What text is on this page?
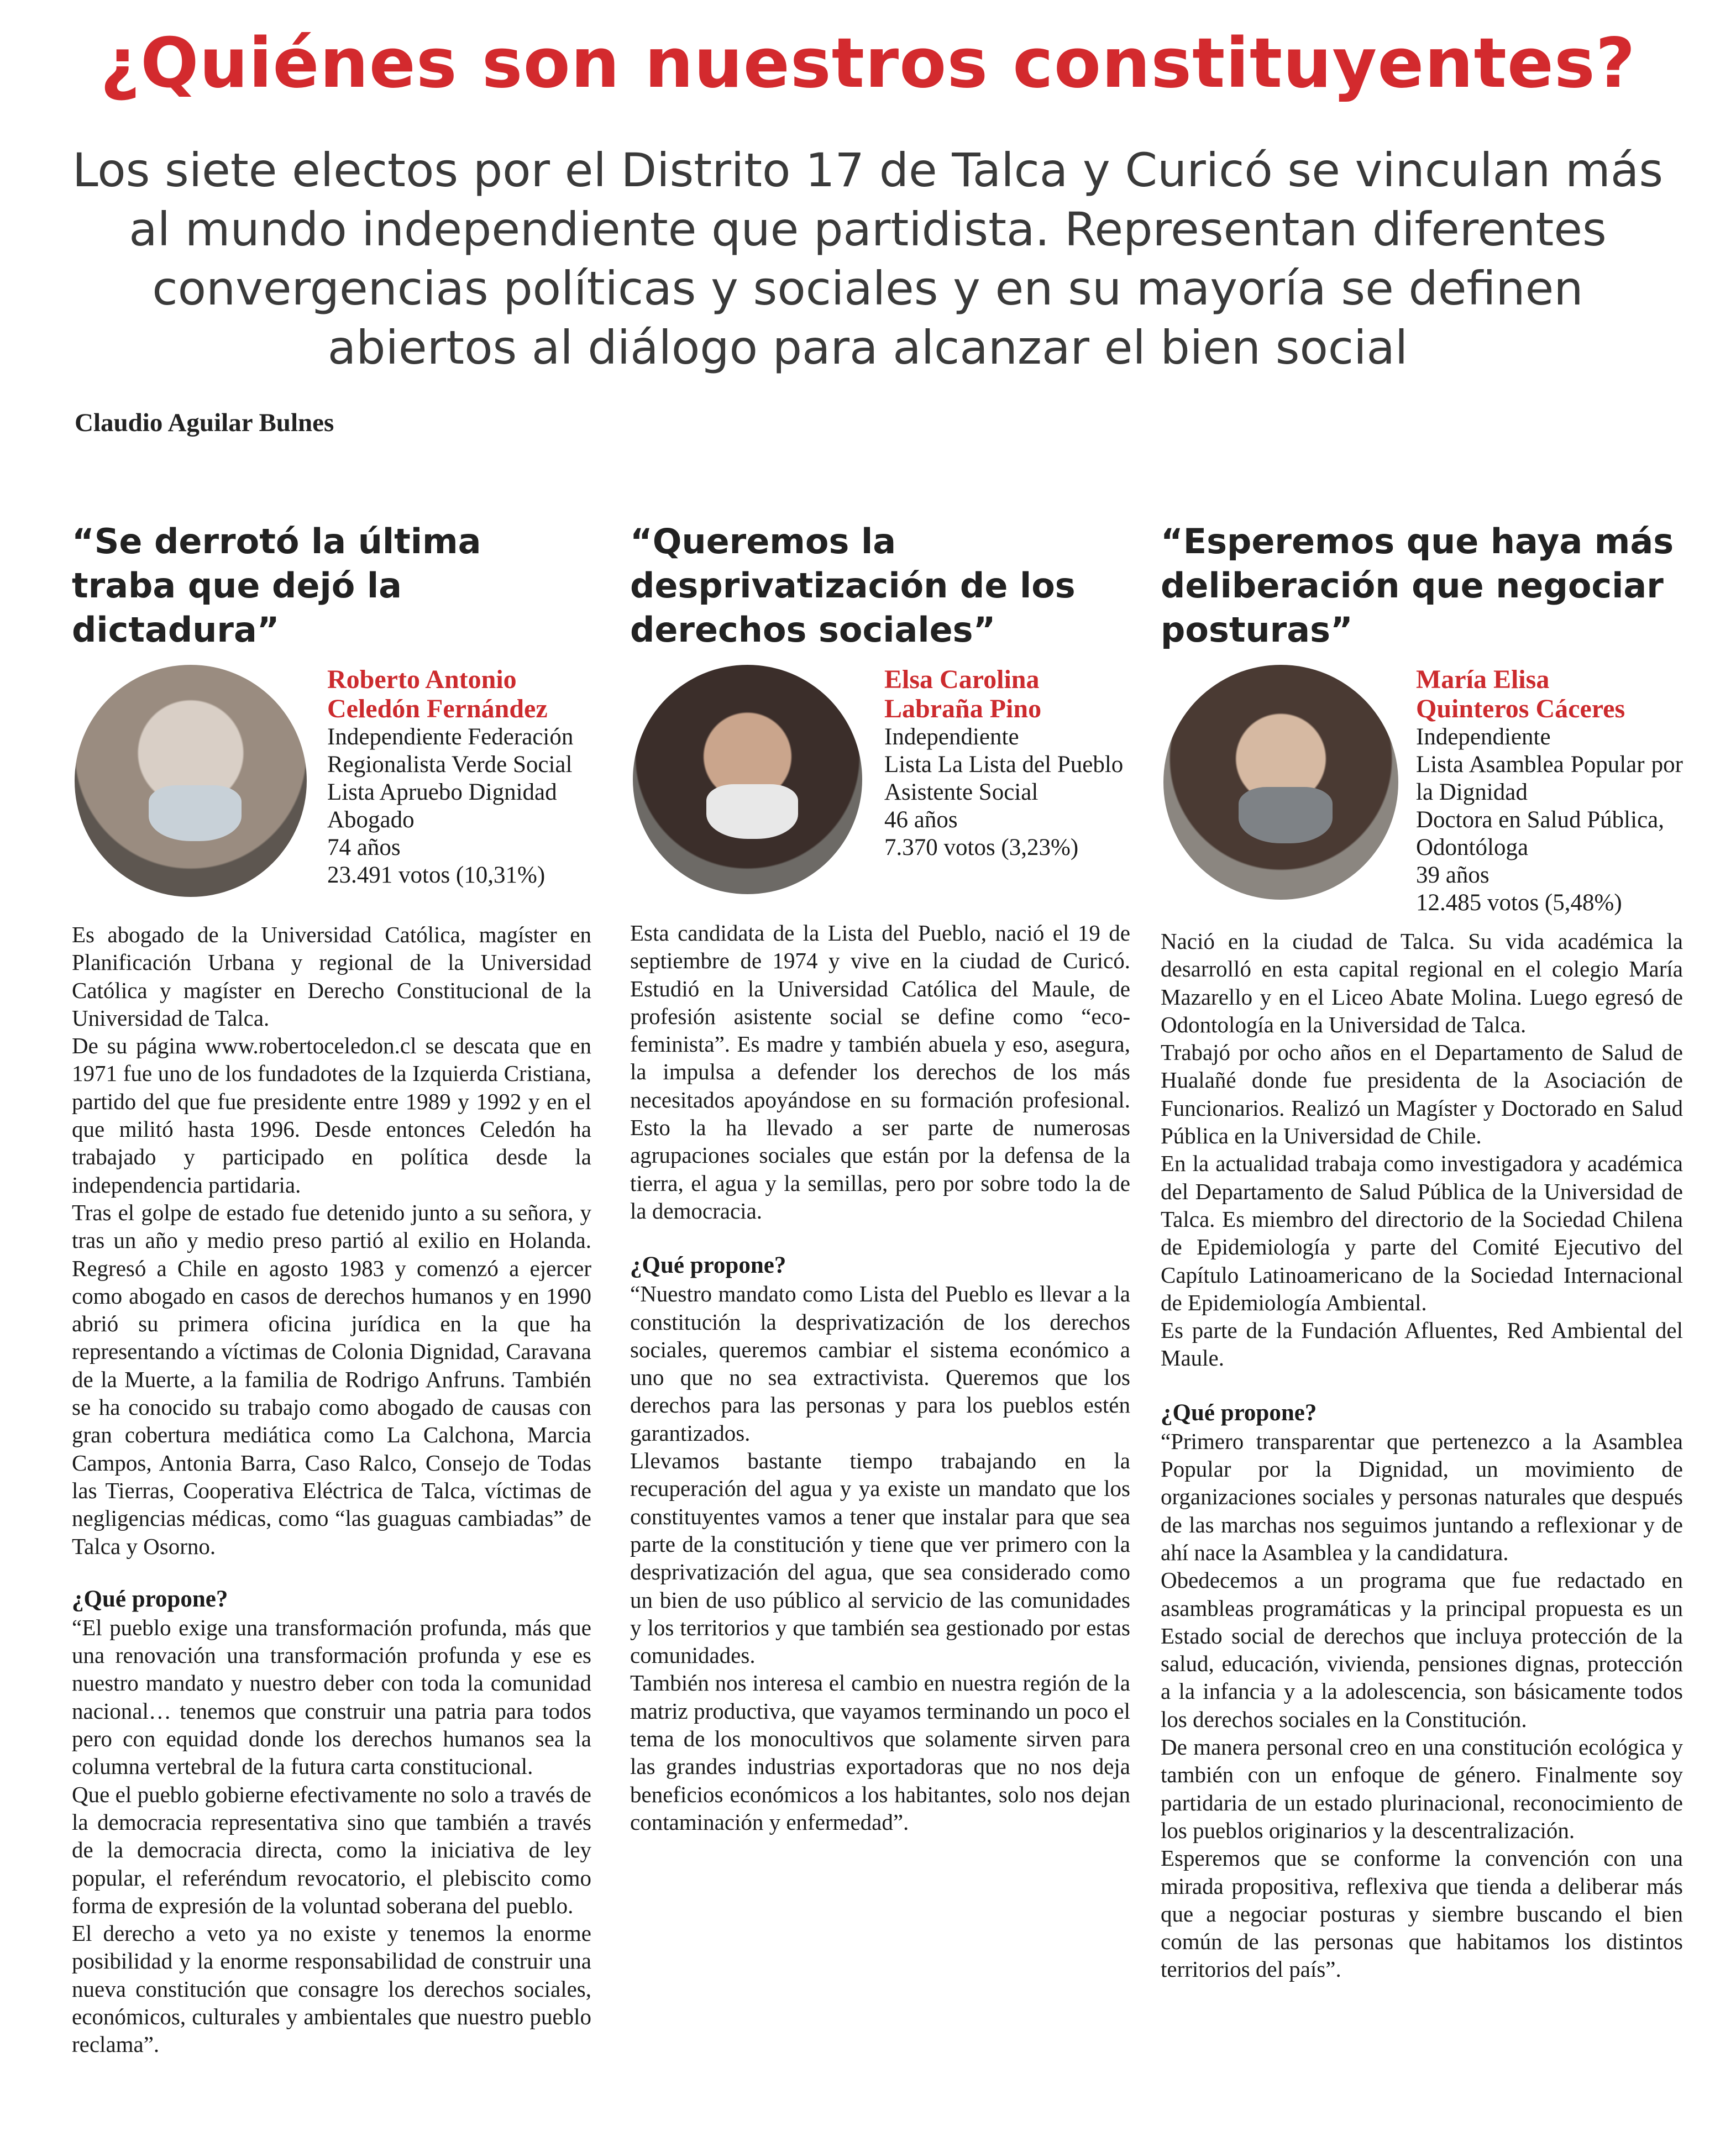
¿Quiénes son nuestros constituyentes?
Los siete electos por el Distrito 17 de Talca y Curicó se vinculan más al mundo independiente que partidista. Representan diferentes convergencias políticas y sociales y en su mayoría se definen abiertos al diálogo para alcanzar el bien social
Claudio Aguilar Bulnes
“Se derrotó la última traba que dejó la dictadura”
Roberto Antonio
Celedón Fernández
Independiente Federación
Regionalista Verde Social
Lista Apruebo Dignidad
Abogado
74 años
23.491 votos (10,31%)

Es abogado de la Universidad Católica, magíster en Planificación Urbana y regional de la Universidad Católica y magíster en Derecho Constitucional de la Universidad de Talca.

De su página www.robertoceledon.cl se descata que en 1971 fue uno de los fundadotes de la Izquierda Cristiana, partido del que fue presidente entre 1989 y 1992 y en el que militó hasta 1996. Desde entonces Celedón ha trabajado y participado en política desde la independencia partidaria.

Tras el golpe de estado fue detenido junto a su señora, y tras un año y medio preso partió al exilio en Holanda. Regresó a Chile en agosto 1983 y comenzó a ejercer como abogado en casos de derechos humanos y en 1990 abrió su primera oficina jurídica en la que ha representando a víctimas de Colonia Dignidad, Caravana de la Muerte, a la familia de Rodrigo Anfruns. También se ha conocido su trabajo como abogado de causas con gran cobertura mediática como La Calchona, Marcia Campos, Antonia Barra, Caso Ralco, Consejo de Todas las Tierras, Cooperativa Eléctrica de Talca, víctimas de negligencias médicas, como “las guaguas cambiadas” de Talca y Osorno.

¿Qué propone?

“El pueblo exige una transformación profunda, más que una renovación una transformación profunda y ese es nuestro mandato y nuestro deber con toda la comunidad nacional… tenemos que construir una patria para todos pero con equidad donde los derechos humanos sea la columna vertebral de la futura carta constitucional.

Que el pueblo gobierne efectivamente no solo a través de la democracia representativa sino que también a través de la democracia directa, como la iniciativa de ley popular, el referéndum revocatorio, el plebiscito como forma de expresión de la voluntad soberana del pueblo.

El derecho a veto ya no existe y tenemos la enorme posibilidad y la enorme responsabilidad de construir una nueva constitución que consagre los derechos sociales, económicos, culturales y ambientales que nuestro pueblo reclama”.

“Queremos la desprivatización de los derechos sociales”
Elsa Carolina
Labraña Pino
Independiente
Lista La Lista del Pueblo
Asistente Social
46 años
7.370 votos (3,23%)

Esta candidata de la Lista del Pueblo, nació el 19 de septiembre de 1974 y vive en la ciudad de Curicó. Estudió en la Universidad Católica del Maule, de profesión asistente social se define como “eco-feminista”. Es madre y también abuela y eso, asegura, la impulsa a defender los derechos de los más necesitados apoyándose en su formación profesional. Esto la ha llevado a ser parte de numerosas agrupaciones sociales que están por la defensa de la tierra, el agua y la semillas, pero por sobre todo la de la democracia.

¿Qué propone?

“Nuestro mandato como Lista del Pueblo es llevar a la constitución la desprivatización de los derechos sociales, queremos cambiar el sistema económico a uno que no sea extractivista. Queremos que los derechos para las personas y para los pueblos estén garantizados.

Llevamos bastante tiempo trabajando en la recuperación del agua y ya existe un mandato que los constituyentes vamos a tener que instalar para que sea parte de la constitución y tiene que ver primero con la desprivatización del agua, que sea considerado como un bien de uso público al servicio de las comunidades y los territorios y que también sea gestionado por estas comunidades.

También nos interesa el cambio en nuestra región de la matriz productiva, que vayamos terminando un poco el tema de los monocultivos que solamente sirven para las grandes industrias exportadoras que no nos deja beneficios económicos a los habitantes, solo nos dejan contaminación y enfermedad”.

“Esperemos que haya más deliberación que negociar posturas”
María Elisa
Quinteros Cáceres
Independiente
Lista Asamblea Popular por la Dignidad
Doctora en Salud Pública, Odontóloga
39 años
12.485 votos (5,48%)

Nació en la ciudad de Talca. Su vida académica la desarrolló en esta capital regional en el colegio María Mazarello y en el Liceo Abate Molina. Luego egresó de Odontología en la Universidad de Talca.

Trabajó por ocho años en el Departamento de Salud de Hualañé donde fue presidenta de la Asociación de Funcionarios. Realizó un Magíster y Doctorado en Salud Pública en la Universidad de Chile.

En la actualidad trabaja como investigadora y académica del Departamento de Salud Pública de la Universidad de Talca. Es miembro del directorio de la Sociedad Chilena de Epidemiología y parte del Comité Ejecutivo del Capítulo Latinoamericano de la Sociedad Internacional de Epidemiología Ambiental.

Es parte de la Fundación Afluentes, Red Ambiental del Maule.

¿Qué propone?

“Primero transparentar que pertenezco a la Asamblea Popular por la Dignidad, un movimiento de organizaciones sociales y personas naturales que después de las marchas nos seguimos juntando a reflexionar y de ahí nace la Asamblea y la candidatura.

Obedecemos a un programa que fue redactado en asambleas programáticas y la principal propuesta es un Estado social de derechos que incluya protección de la salud, educación, vivienda, pensiones dignas, protección a la infancia y a la adolescencia, son básicamente todos los derechos sociales en la Constitución.

De manera personal creo en una constitución ecológica y también con un enfoque de género. Finalmente soy partidaria de un estado plurinacional, reconocimiento de los pueblos originarios y la descentralización.

Esperemos que se conforme la convención con una mirada propositiva, reflexiva que tienda a deliberar más que a negociar posturas y siembre buscando el bien común de las personas que habitamos los distintos territorios del país”.
